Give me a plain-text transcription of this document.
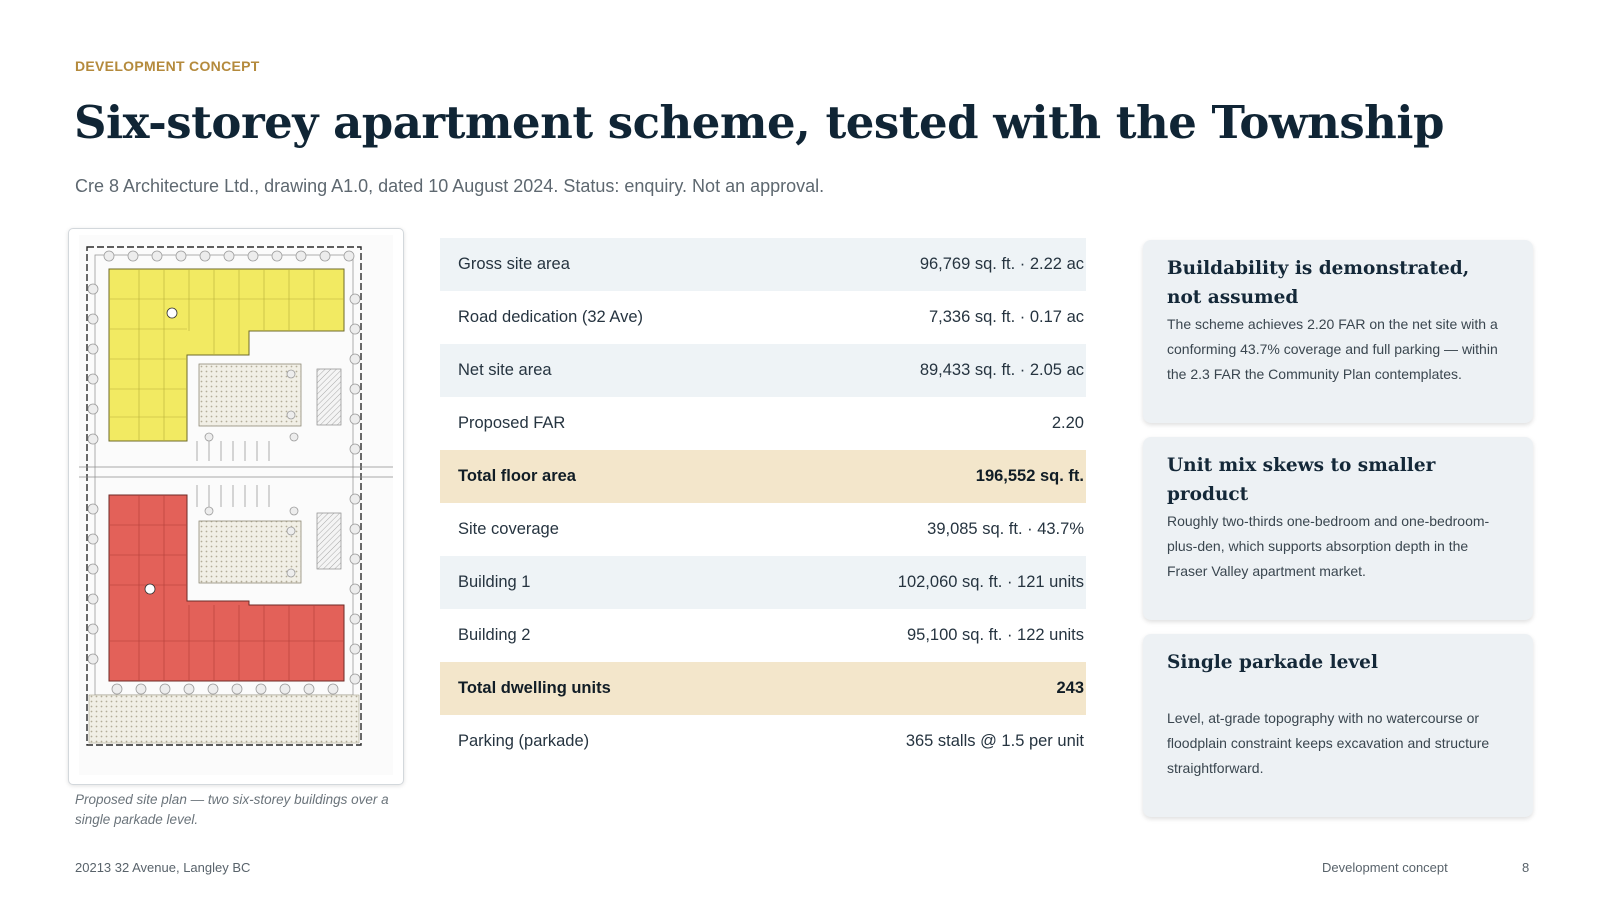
DEVELOPMENT CONCEPT
Six-storey apartment scheme, tested with the Township
Cre 8 Architecture Ltd., drawing A1.0, dated 10 August 2024. Status: enquiry. Not an approval.
Proposed site plan — two six-storey buildings over a single parkade level.
Gross site area	96,769 sq. ft. · 2.22 ac
Road dedication (32 Ave)	7,336 sq. ft. · 0.17 ac
Net site area	89,433 sq. ft. · 2.05 ac
Proposed FAR	2.20
Total floor area	196,552 sq. ft.
Site coverage	39,085 sq. ft. · 43.7%
Building 1	102,060 sq. ft. · 121 units
Building 2	95,100 sq. ft. · 122 units
Total dwelling units	243
Parking (parkade)	365 stalls @ 1.5 per unit
Buildability is demonstrated, not assumed

The scheme achieves 2.20 FAR on the net site with a conforming 43.7% coverage and full parking — within the 2.3 FAR the Community Plan contemplates.

Unit mix skews to smaller product

Roughly two-thirds one-bedroom and one-bedroom-plus-den, which supports absorption depth in the Fraser Valley apartment market.

Single parkade level

Level, at-grade topography with no watercourse or floodplain constraint keeps excavation and structure straightforward.

20213 32 Avenue, Langley BC	Development concept	8
